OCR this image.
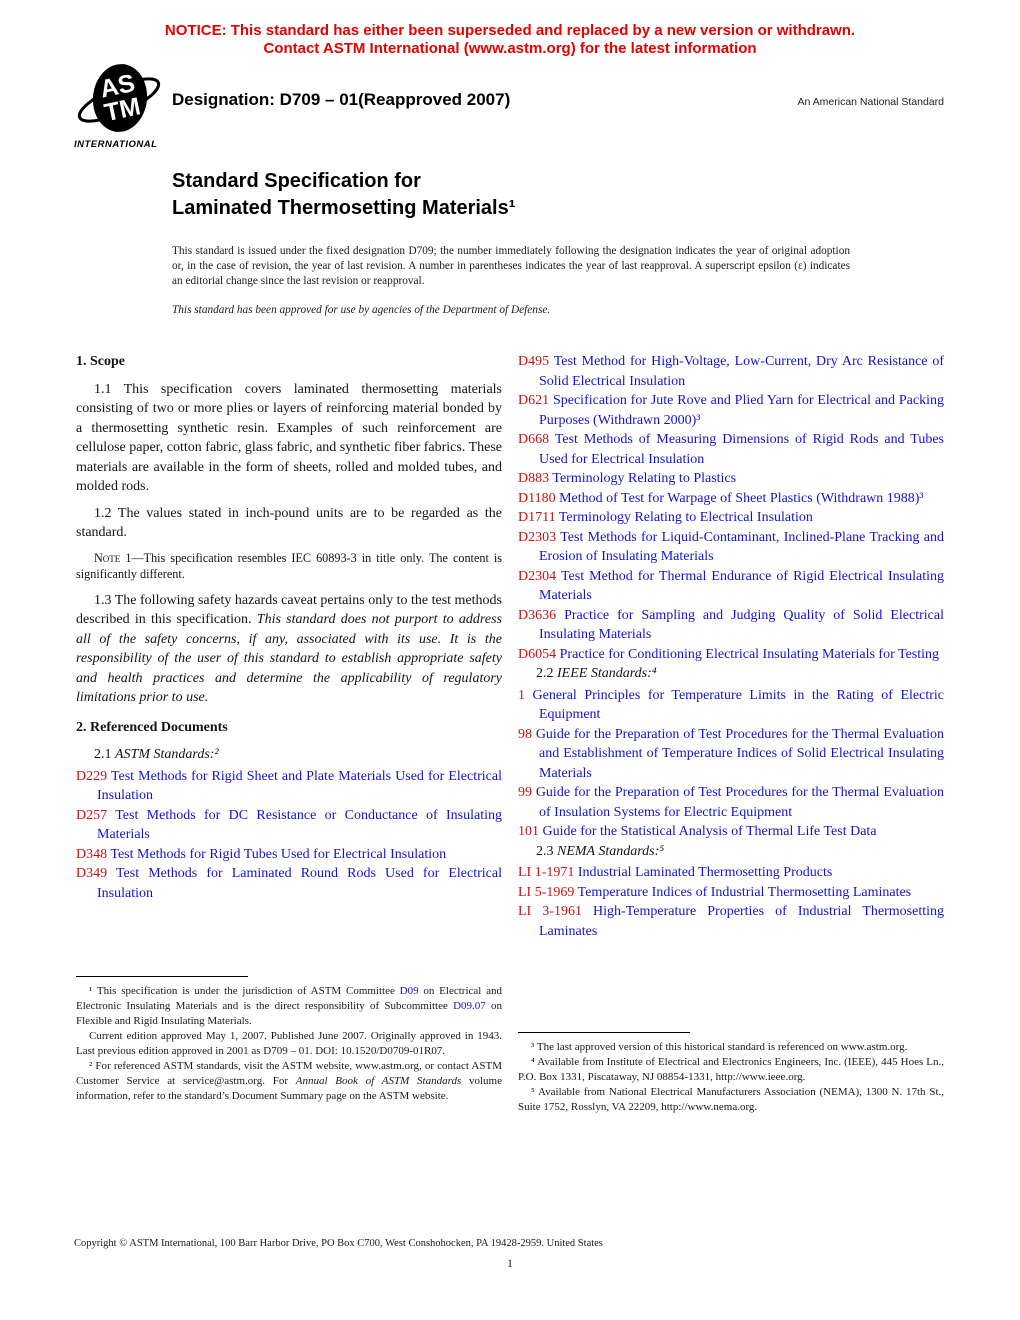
NOTICE: This standard has either been superseded and replaced by a new version or withdrawn.
Contact ASTM International (www.astm.org) for the latest information
AS
TM
INTERNATIONAL
Designation: D709 – 01(Reapproved 2007)	An American National Standard
Standard Specification for
Laminated Thermosetting Materials¹
This standard is issued under the fixed designation D709; the number immediately following the designation indicates the year of original adoption or, in the case of revision, the year of last revision. A number in parentheses indicates the year of last reapproval. A superscript epsilon (ε) indicates an editorial change since the last revision or reapproval.
This standard has been approved for use by agencies of the Department of Defense.
1. Scope

1.1 This specification covers laminated thermosetting materials consisting of two or more plies or layers of reinforcing material bonded by a thermosetting synthetic resin. Examples of such reinforcement are cellulose paper, cotton fabric, glass fabric, and synthetic fiber fabrics. These materials are available in the form of sheets, rolled and molded tubes, and molded rods.

1.2 The values stated in inch-pound units are to be regarded as the standard.

Note 1—This specification resembles IEC 60893-3 in title only. The content is significantly different.

1.3 The following safety hazards caveat pertains only to the test methods described in this specification. This standard does not purport to address all of the safety concerns, if any, associated with its use. It is the responsibility of the user of this standard to establish appropriate safety and health practices and determine the applicability of regulatory limitations prior to use.

2. Referenced Documents

2.1 ASTM Standards:²

D229 Test Methods for Rigid Sheet and Plate Materials Used for Electrical Insulation

D257 Test Methods for DC Resistance or Conductance of Insulating Materials

D348 Test Methods for Rigid Tubes Used for Electrical Insulation

D349 Test Methods for Laminated Round Rods Used for Electrical Insulation

D495 Test Method for High-Voltage, Low-Current, Dry Arc Resistance of Solid Electrical Insulation

D621 Specification for Jute Rove and Plied Yarn for Electrical and Packing Purposes (Withdrawn 2000)³

D668 Test Methods of Measuring Dimensions of Rigid Rods and Tubes Used for Electrical Insulation

D883 Terminology Relating to Plastics

D1180 Method of Test for Warpage of Sheet Plastics (Withdrawn 1988)³

D1711 Terminology Relating to Electrical Insulation

D2303 Test Methods for Liquid-Contaminant, Inclined-Plane Tracking and Erosion of Insulating Materials

D2304 Test Method for Thermal Endurance of Rigid Electrical Insulating Materials

D3636 Practice for Sampling and Judging Quality of Solid Electrical Insulating Materials

D6054 Practice for Conditioning Electrical Insulating Materials for Testing

2.2 IEEE Standards:⁴

1 General Principles for Temperature Limits in the Rating of Electric Equipment

98 Guide for the Preparation of Test Procedures for the Thermal Evaluation and Establishment of Temperature Indices of Solid Electrical Insulating Materials

99 Guide for the Preparation of Test Procedures for the Thermal Evaluation of Insulation Systems for Electric Equipment

101 Guide for the Statistical Analysis of Thermal Life Test Data

2.3 NEMA Standards:⁵

LI 1-1971 Industrial Laminated Thermosetting Products

LI 5-1969 Temperature Indices of Industrial Thermosetting Laminates

LI 3-1961 High-Temperature Properties of Industrial Thermosetting Laminates

¹ This specification is under the jurisdiction of ASTM Committee D09 on Electrical and Electronic Insulating Materials and is the direct responsibility of Subcommittee D09.07 on Flexible and Rigid Insulating Materials.

Current edition approved May 1, 2007. Published June 2007. Originally approved in 1943. Last previous edition approved in 2001 as D709 – 01. DOI: 10.1520/D0709-01R07.

² For referenced ASTM standards, visit the ASTM website, www.astm.org, or contact ASTM Customer Service at service@astm.org. For Annual Book of ASTM Standards volume information, refer to the standard’s Document Summary page on the ASTM website.

³ The last approved version of this historical standard is referenced on www.astm.org.

⁴ Available from Institute of Electrical and Electronics Engineers, Inc. (IEEE), 445 Hoes Ln., P.O. Box 1331, Piscataway, NJ 08854-1331, http://www.ieee.org.

⁵ Available from National Electrical Manufacturers Association (NEMA), 1300 N. 17th St., Suite 1752, Rosslyn, VA 22209, http://www.nema.org.

Copyright © ASTM International, 100 Barr Harbor Drive, PO Box C700, West Conshohocken, PA 19428-2959. United States
1
